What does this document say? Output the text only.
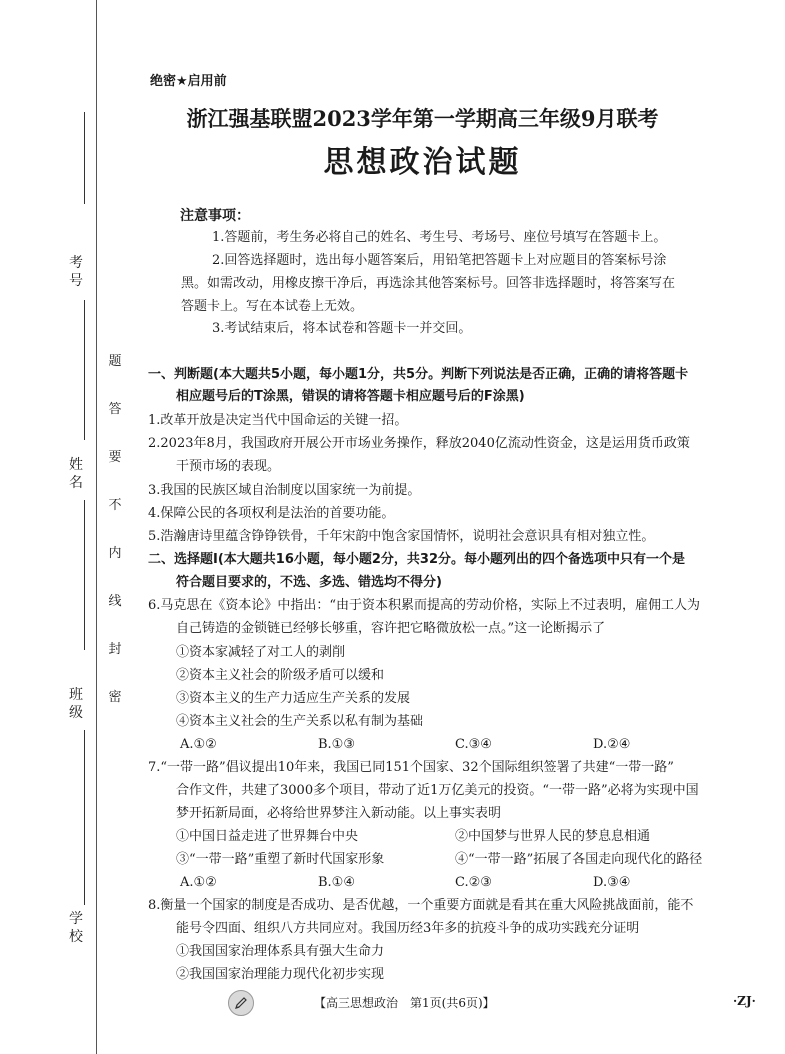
考号
姓名
班级
学校
题
答
要
不
内
线
封
密
绝密★启用前
浙江强基联盟2023学年第一学期高三年级9月联考
思想政治试题
注意事项：
1.答题前，考生务必将自己的姓名、考生号、考场号、座位号填写在答题卡上。
2.回答选择题时，选出每小题答案后，用铅笔把答题卡上对应题目的答案标号涂
黑。如需改动，用橡皮擦干净后，再选涂其他答案标号。回答非选择题时，将答案写在
答题卡上。写在本试卷上无效。
3.考试结束后，将本试卷和答题卡一并交回。
一、判断题(本大题共5小题，每小题1分，共5分。判断下列说法是否正确，正确的请将答题卡
相应题号后的T涂黑，错误的请将答题卡相应题号后的F涂黑)
1.改革开放是决定当代中国命运的关键一招。
2.2023年8月，我国政府开展公开市场业务操作，释放2040亿流动性资金，这是运用货币政策
干预市场的表现。
3.我国的民族区域自治制度以国家统一为前提。
4.保障公民的各项权利是法治的首要功能。
5.浩瀚唐诗里蕴含铮铮铁骨，千年宋韵中饱含家国情怀，说明社会意识具有相对独立性。
二、选择题Ⅰ(本大题共16小题，每小题2分，共32分。每小题列出的四个备选项中只有一个是
符合题目要求的，不选、多选、错选均不得分)
6.马克思在《资本论》中指出：“由于资本积累而提高的劳动价格，实际上不过表明，雇佣工人为
自己铸造的金锁链已经够长够重，容许把它略微放松一点。”这一论断揭示了
①资本家减轻了对工人的剥削
②资本主义社会的阶级矛盾可以缓和
③资本主义的生产力适应生产关系的发展
④资本主义社会的生产关系以私有制为基础
A.①②	B.①③	C.③④	D.②④
7.“一带一路”倡议提出10年来，我国已同151个国家、32个国际组织签署了共建“一带一路”
合作文件，共建了3000多个项目，带动了近1万亿美元的投资。“一带一路”必将为实现中国
梦开拓新局面，必将给世界梦注入新动能。以上事实表明
①中国日益走进了世界舞台中央	②中国梦与世界人民的梦息息相通
③“一带一路”重塑了新时代国家形象	④“一带一路”拓展了各国走向现代化的路径
A.①②	B.①④	C.②③	D.③④
8.衡量一个国家的制度是否成功、是否优越，一个重要方面就是看其在重大风险挑战面前，能不
能号令四面、组织八方共同应对。我国历经3年多的抗疫斗争的成功实践充分证明
①我国国家治理体系具有强大生命力
②我国国家治理能力现代化初步实现
【高三思想政治　第1页(共6页)】	·ZJ·
